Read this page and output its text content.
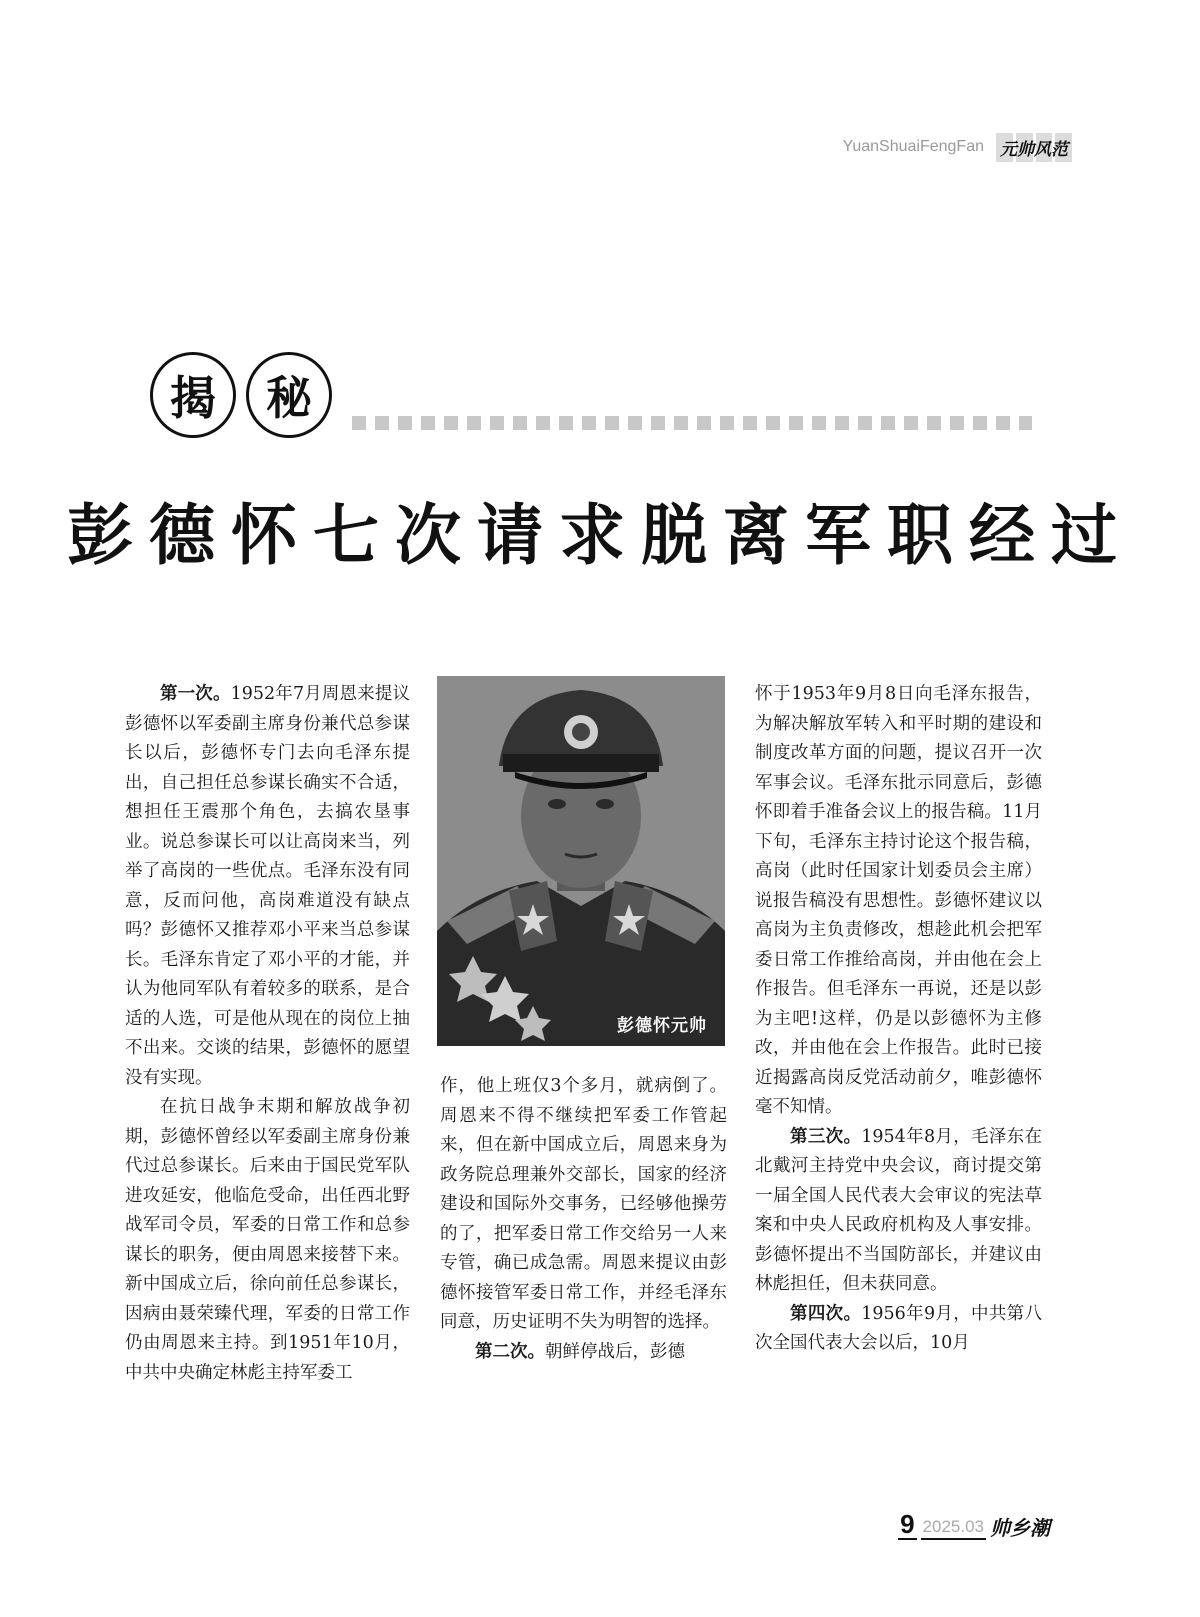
YuanShuaiFengFan 元帅风范
揭	秘
彭德怀七次请求脱离军职经过

第一次。1952年7月周恩来提议彭德怀以军委副主席身份兼代总参谋长以后，彭德怀专门去向毛泽东提出，自己担任总参谋长确实不合适，想担任王震那个角色，去搞农垦事业。说总参谋长可以让高岗来当，列举了高岗的一些优点。毛泽东没有同意，反而问他，高岗难道没有缺点吗？彭德怀又推荐邓小平来当总参谋长。毛泽东肯定了邓小平的才能，并认为他同军队有着较多的联系，是合适的人选，可是他从现在的岗位上抽不出来。交谈的结果，彭德怀的愿望没有实现。

在抗日战争末期和解放战争初期，彭德怀曾经以军委副主席身份兼代过总参谋长。后来由于国民党军队进攻延安，他临危受命，出任西北野战军司令员，军委的日常工作和总参谋长的职务，便由周恩来接替下来。新中国成立后，徐向前任总参谋长，因病由聂荣臻代理，军委的日常工作仍由周恩来主持。到1951年10月，中共中央确定林彪主持军委工

彭德怀元帅

作，他上班仅3个多月，就病倒了。周恩来不得不继续把军委工作管起来，但在新中国成立后，周恩来身为政务院总理兼外交部长，国家的经济建设和国际外交事务，已经够他操劳的了，把军委日常工作交给另一人来专管，确已成急需。周恩来提议由彭德怀接管军委日常工作，并经毛泽东同意，历史证明不失为明智的选择。

第二次。朝鲜停战后，彭德

怀于1953年9月8日向毛泽东报告，为解决解放军转入和平时期的建设和制度改革方面的问题，提议召开一次军事会议。毛泽东批示同意后，彭德怀即着手准备会议上的报告稿。11月下旬，毛泽东主持讨论这个报告稿，高岗（此时任国家计划委员会主席）说报告稿没有思想性。彭德怀建议以高岗为主负责修改，想趁此机会把军委日常工作推给高岗，并由他在会上作报告。但毛泽东一再说，还是以彭为主吧!这样，仍是以彭德怀为主修改，并由他在会上作报告。此时已接近揭露高岗反党活动前夕，唯彭德怀毫不知情。

第三次。1954年8月，毛泽东在北戴河主持党中央会议，商讨提交第一届全国人民代表大会审议的宪法草案和中央人民政府机构及人事安排。彭德怀提出不当国防部长，并建议由林彪担任，但未获同意。

第四次。1956年9月，中共第八次全国代表大会以后，10月

9 2025.03 帅乡潮
